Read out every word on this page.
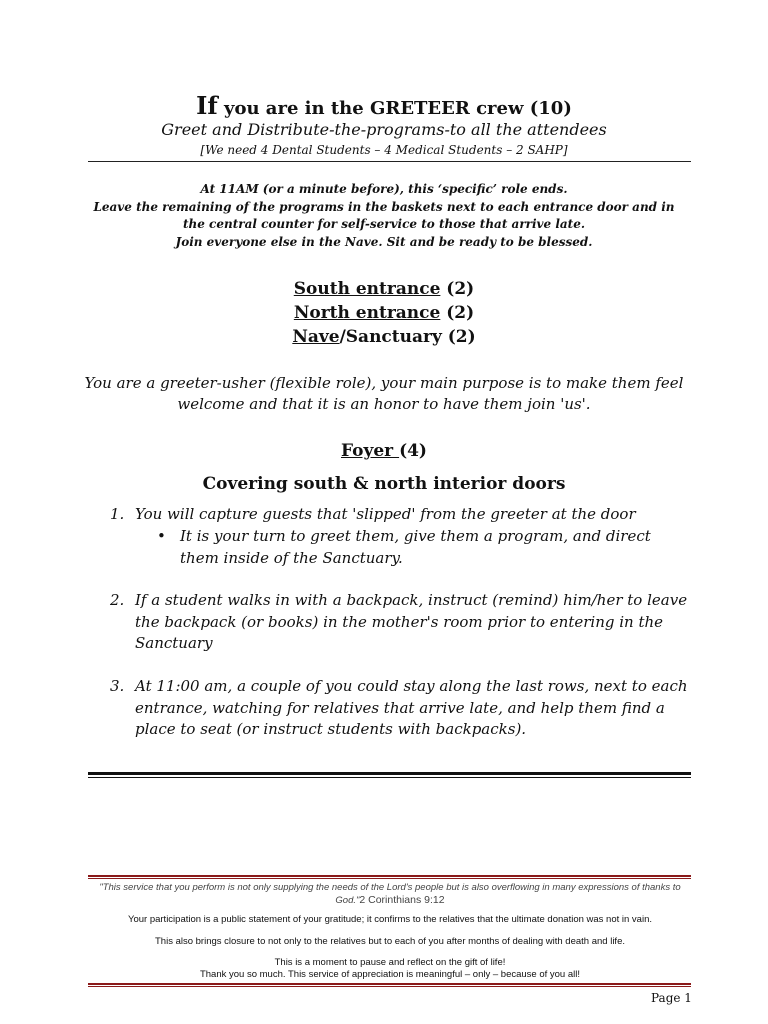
If you are in the GRETEER crew (10)
Greet and Distribute-the-programs-to all the attendees
[We need 4 Dental Students – 4 Medical Students – 2 SAHP]
At 11AM (or a minute before), this ‘specific’ role ends.
Leave the remaining of the programs in the baskets next to each entrance door and in
the central counter for self-service to those that arrive late.
Join everyone else in the Nave. Sit and be ready to be blessed.
South entrance (2)
North entrance (2)
Nave/Sanctuary (2)
You are a greeter-usher (flexible role), your main purpose is to make them feel
welcome and that it is an honor to have them join 'us'.
Foyer (4)
Covering south & north interior doors
1. You will capture guests that 'slipped' from the greeter at the door
• It is your turn to greet them, give them a program, and direct them inside of the Sanctuary.
2. If a student walks in with a backpack, instruct (remind) him/her to leave the backpack (or books) in the mother's room prior to entering in the Sanctuary
3. At 11:00 am, a couple of you could stay along the last rows, next to each entrance, watching for relatives that arrive late, and help them find a place to seat (or instruct students with backpacks).
"This service that you perform is not only supplying the needs of the Lord's people but is also overflowing in many expressions of thanks to God."2 Corinthians 9:12
Your participation is a public statement of your gratitude; it confirms to the relatives that the ultimate donation was not in vain.
This also brings closure to not only to the relatives but to each of you after months of dealing with death and life.
This is a moment to pause and reflect on the gift of life!
Thank you so much. This service of appreciation is meaningful – only – because of you all!
Page 1
